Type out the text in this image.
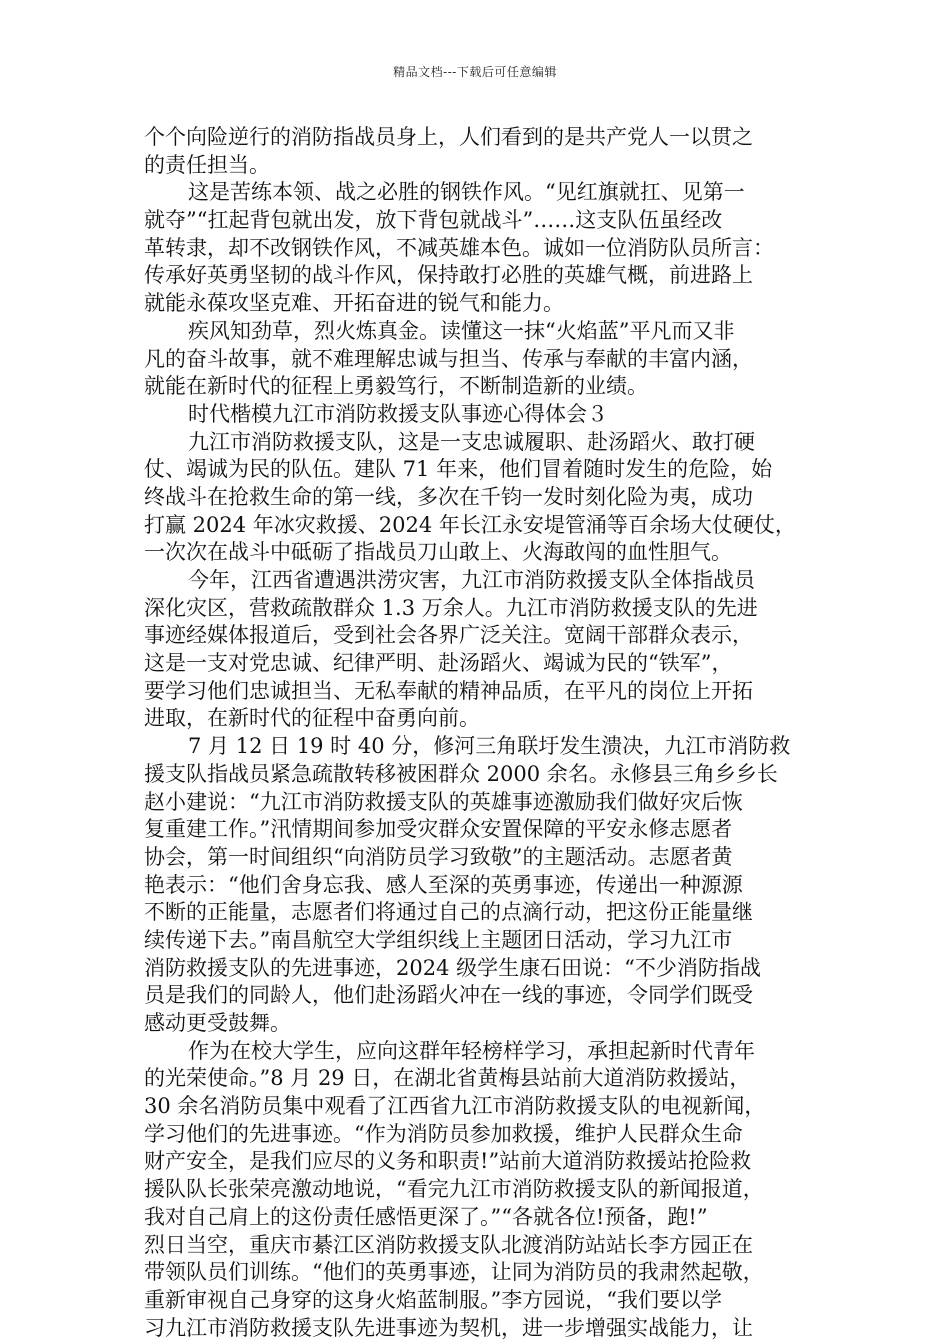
精品文档---下载后可任意编辑
个个向险逆行的消防指战员身上，人们看到的是共产党人一以贯之
的责任担当。
这是苦练本领、战之必胜的钢铁作风。“见红旗就扛、见第一
就夺”“扛起背包就出发，放下背包就战斗”……这支队伍虽经改
革转隶，却不改钢铁作风，不减英雄本色。诚如一位消防队员所言：
传承好英勇坚韧的战斗作风，保持敢打必胜的英雄气概，前进路上
就能永葆攻坚克难、开拓奋进的锐气和能力。
疾风知劲草，烈火炼真金。读懂这一抹“火焰蓝”平凡而又非
凡的奋斗故事，就不难理解忠诚与担当、传承与奉献的丰富内涵，
就能在新时代的征程上勇毅笃行，不断制造新的业绩。
时代楷模九江市消防救援支队事迹心得体会３
九江市消防救援支队，这是一支忠诚履职、赴汤蹈火、敢打硬
仗、竭诚为民的队伍。建队 71 年来，他们冒着随时发生的危险，始
终战斗在抢救生命的第一线，多次在千钧一发时刻化险为夷，成功
打赢 2024 年冰灾救援、2024 年长江永安堤管涌等百余场大仗硬仗，
一次次在战斗中砥砺了指战员刀山敢上、火海敢闯的血性胆气。
今年，江西省遭遇洪涝灾害，九江市消防救援支队全体指战员
深化灾区，营救疏散群众 1.3 万余人。九江市消防救援支队的先进
事迹经媒体报道后，受到社会各界广泛关注。宽阔干部群众表示，
这是一支对党忠诚、纪律严明、赴汤蹈火、竭诚为民的“铁军”，
要学习他们忠诚担当、无私奉献的精神品质，在平凡的岗位上开拓
进取，在新时代的征程中奋勇向前。
7 月 12 日 19 时 40 分，修河三角联圩发生溃决，九江市消防救
援支队指战员紧急疏散转移被困群众 2000 余名。永修县三角乡乡长
赵小建说：“九江市消防救援支队的英雄事迹激励我们做好灾后恢
复重建工作。”汛情期间参加受灾群众安置保障的平安永修志愿者
协会，第一时间组织“向消防员学习致敬”的主题活动。志愿者黄
艳表示：“他们舍身忘我、感人至深的英勇事迹，传递出一种源源
不断的正能量，志愿者们将通过自己的点滴行动，把这份正能量继
续传递下去。”南昌航空大学组织线上主题团日活动，学习九江市
消防救援支队的先进事迹，2024 级学生康石田说：“不少消防指战
员是我们的同龄人，他们赴汤蹈火冲在一线的事迹，令同学们既受
感动更受鼓舞。
作为在校大学生，应向这群年轻榜样学习，承担起新时代青年
的光荣使命。”8 月 29 日，在湖北省黄梅县站前大道消防救援站，
30 余名消防员集中观看了江西省九江市消防救援支队的电视新闻，
学习他们的先进事迹。“作为消防员参加救援，维护人民群众生命
财产安全，是我们应尽的义务和职责!”站前大道消防救援站抢险救
援队队长张荣亮激动地说，“看完九江市消防救援支队的新闻报道，
我对自己肩上的这份责任感悟更深了。”“各就各位!预备，跑!”
烈日当空，重庆市綦江区消防救援支队北渡消防站站长李方园正在
带领队员们训练。“他们的英勇事迹，让同为消防员的我肃然起敬，
重新审视自己身穿的这身火焰蓝制服。”李方园说，“我们要以学
习九江市消防救援支队先进事迹为契机，进一步增强实战能力，让
